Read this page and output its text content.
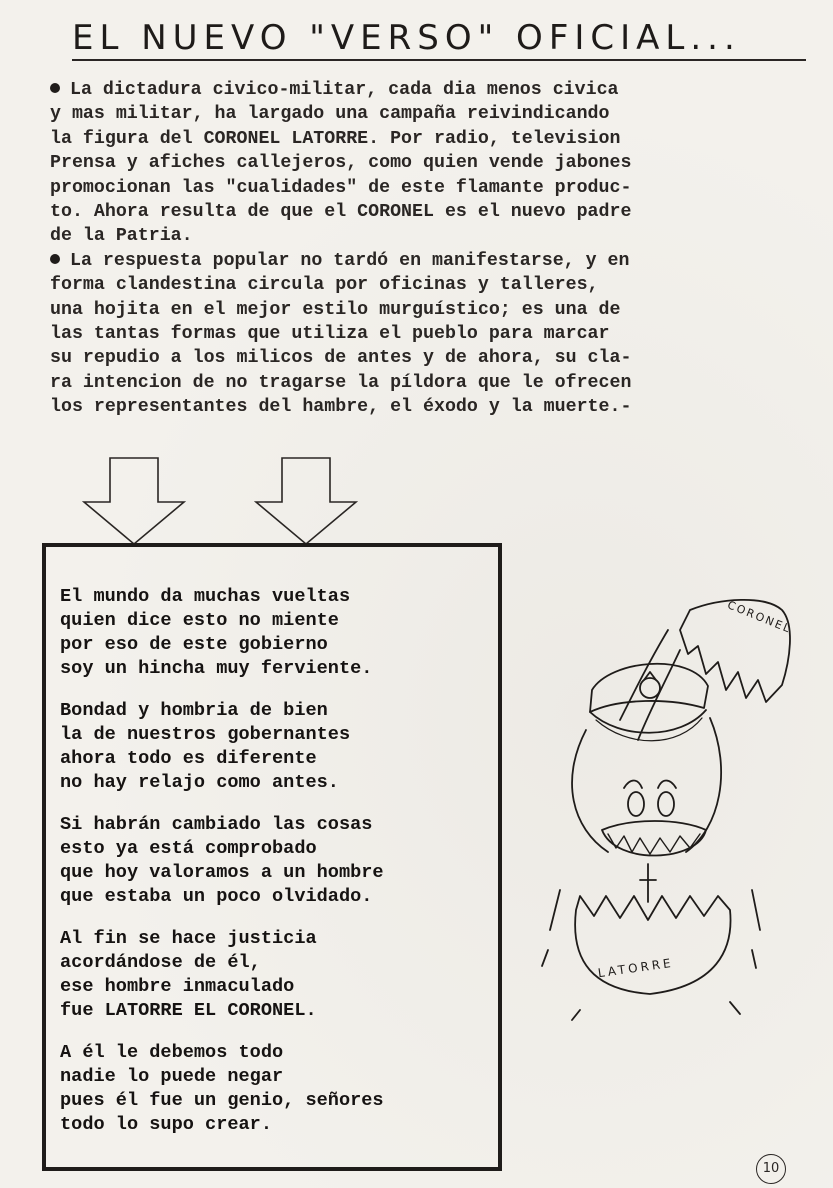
EL NUEVO "VERSO" OFICIAL...

La dictadura civico-militar, cada dia menos civica
y mas militar, ha largado una campaña reivindicando
la figura del CORONEL LATORRE. Por radio, television
Prensa y afiches callejeros, como quien vende jabones
promocionan las "cualidades" de este flamante produc-
to. Ahora resulta de que el CORONEL es el nuevo padre
de la Patria.

La respuesta popular no tardó en manifestarse, y en
forma clandestina circula por oficinas y talleres,
una hojita en el mejor estilo murguístico; es una de
las tantas formas que utiliza el pueblo para marcar
su repudio a los milicos de antes y de ahora, su cla-
ra intencion de no tragarse la píldora que le ofrecen
los representantes del hambre, el éxodo y la muerte.-

El mundo da muchas vueltas
quien dice esto no miente
por eso de este gobierno
soy un hincha muy ferviente.
Bondad y hombria de bien
la de nuestros gobernantes
ahora todo es diferente
no hay relajo como antes.
Si habrán cambiado las cosas
esto ya está comprobado
que hoy valoramos a un hombre
que estaba un poco olvidado.
Al fin se hace justicia
acordándose de él,
ese hombre inmaculado
fue LATORRE EL CORONEL.
A él le debemos todo
nadie lo puede negar
pues él fue un genio, señores
todo lo supo crear.
CORONEL
LATORRE
10
